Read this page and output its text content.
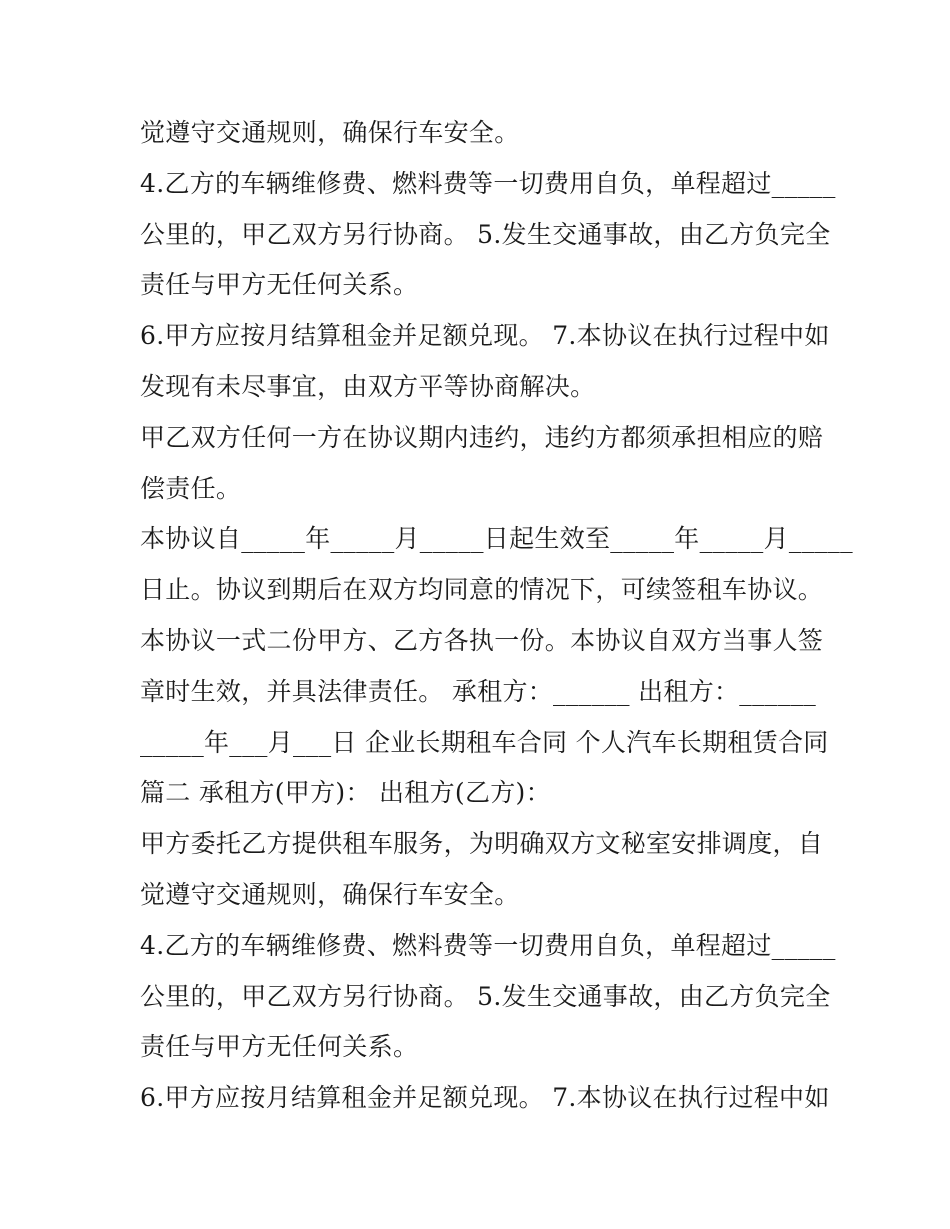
觉遵守交通规则，确保行车安全。
4.乙方的车辆维修费、燃料费等一切费用自负，单程超过_____
公里的，甲乙双方另行协商。 5.发生交通事故，由乙方负完全
责任与甲方无任何关系。
6.甲方应按月结算租金并足额兑现。 7.本协议在执行过程中如
发现有未尽事宜，由双方平等协商解决。
甲乙双方任何一方在协议期内违约，违约方都须承担相应的赔
偿责任。
本协议自_____年_____月_____日起生效至_____年_____月_____
日止。协议到期后在双方均同意的情况下，可续签租车协议。
本协议一式二份甲方、乙方各执一份。本协议自双方当事人签
章时生效，并具法律责任。 承租方：______ 出租方：______
_____年___月___日 企业长期租车合同 个人汽车长期租赁合同
篇二 承租方(甲方)： 出租方(乙方)：
甲方委托乙方提供租车服务，为明确双方文秘室安排调度，自
觉遵守交通规则，确保行车安全。
4.乙方的车辆维修费、燃料费等一切费用自负，单程超过_____
公里的，甲乙双方另行协商。 5.发生交通事故，由乙方负完全
责任与甲方无任何关系。
6.甲方应按月结算租金并足额兑现。 7.本协议在执行过程中如
